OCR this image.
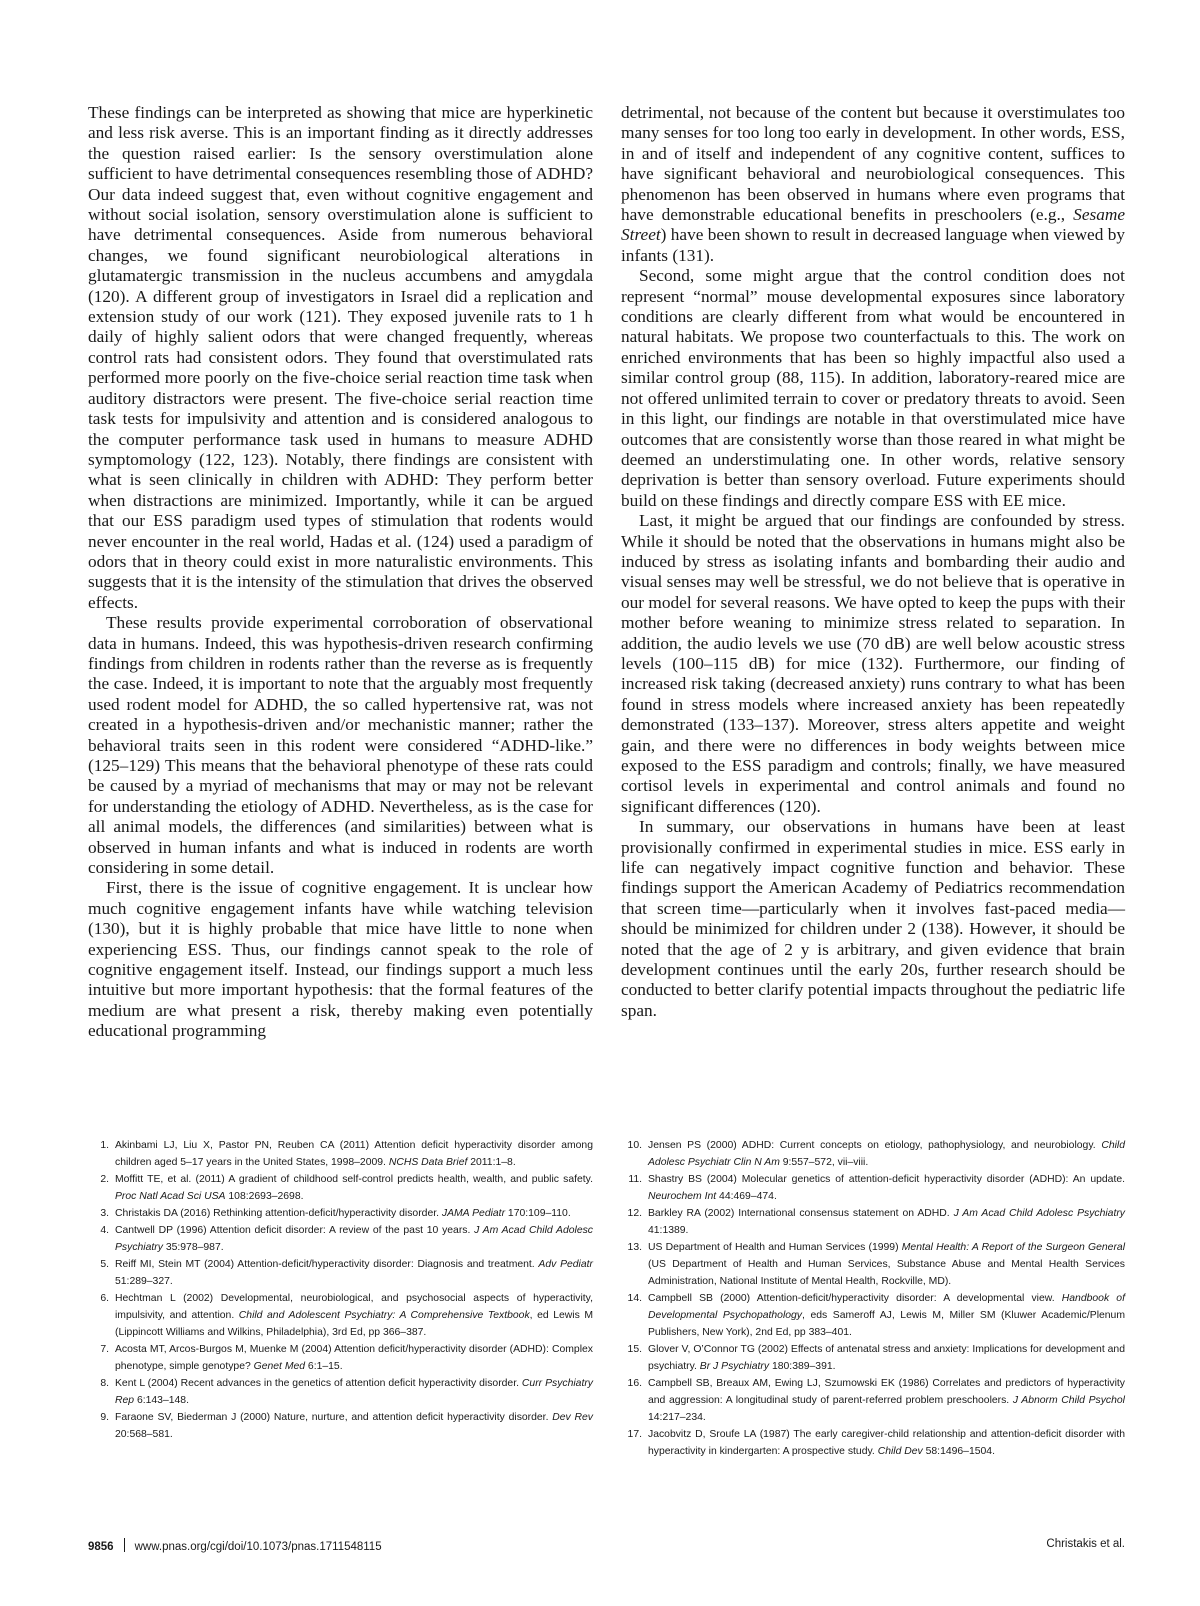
These findings can be interpreted as showing that mice are hyperkinetic and less risk averse. This is an important finding as it directly addresses the question raised earlier: Is the sensory overstimulation alone sufficient to have detrimental consequences resembling those of ADHD? Our data indeed suggest that, even without cognitive engagement and without social isolation, sensory overstimulation alone is sufficient to have detrimental consequences. Aside from numerous behavioral changes, we found significant neurobiological alterations in glutamatergic transmission in the nucleus accumbens and amygdala (120). A different group of investigators in Israel did a replication and extension study of our work (121). They exposed juvenile rats to 1 h daily of highly salient odors that were changed frequently, whereas control rats had consistent odors. They found that overstimulated rats performed more poorly on the five-choice serial reaction time task when auditory distractors were present. The five-choice serial reaction time task tests for impulsivity and attention and is considered analogous to the computer performance task used in humans to measure ADHD symptomology (122, 123). Notably, there findings are consistent with what is seen clinically in children with ADHD: They perform better when distractions are minimized. Importantly, while it can be argued that our ESS paradigm used types of stimulation that rodents would never encounter in the real world, Hadas et al. (124) used a paradigm of odors that in theory could exist in more naturalistic environments. This suggests that it is the intensity of the stimulation that drives the observed effects.

These results provide experimental corroboration of observational data in humans. Indeed, this was hypothesis-driven research confirming findings from children in rodents rather than the reverse as is frequently the case. Indeed, it is important to note that the arguably most frequently used rodent model for ADHD, the so called hypertensive rat, was not created in a hypothesis-driven and/or mechanistic manner; rather the behavioral traits seen in this rodent were considered “ADHD-like.” (125–129) This means that the behavioral phenotype of these rats could be caused by a myriad of mechanisms that may or may not be relevant for understanding the etiology of ADHD. Nevertheless, as is the case for all animal models, the differences (and similarities) between what is observed in human infants and what is induced in rodents are worth considering in some detail.

First, there is the issue of cognitive engagement. It is unclear how much cognitive engagement infants have while watching television (130), but it is highly probable that mice have little to none when experiencing ESS. Thus, our findings cannot speak to the role of cognitive engagement itself. Instead, our findings support a much less intuitive but more important hypothesis: that the formal features of the medium are what present a risk, thereby making even potentially educational programming

detrimental, not because of the content but because it overstimulates too many senses for too long too early in development. In other words, ESS, in and of itself and independent of any cognitive content, suffices to have significant behavioral and neurobiological consequences. This phenomenon has been observed in humans where even programs that have demonstrable educational benefits in preschoolers (e.g., Sesame Street) have been shown to result in decreased language when viewed by infants (131).

Second, some might argue that the control condition does not represent “normal” mouse developmental exposures since laboratory conditions are clearly different from what would be encountered in natural habitats. We propose two counterfactuals to this. The work on enriched environments that has been so highly impactful also used a similar control group (88, 115). In addition, laboratory-reared mice are not offered unlimited terrain to cover or predatory threats to avoid. Seen in this light, our findings are notable in that overstimulated mice have outcomes that are consistently worse than those reared in what might be deemed an understimulating one. In other words, relative sensory deprivation is better than sensory overload. Future experiments should build on these findings and directly compare ESS with EE mice.

Last, it might be argued that our findings are confounded by stress. While it should be noted that the observations in humans might also be induced by stress as isolating infants and bombarding their audio and visual senses may well be stressful, we do not believe that is operative in our model for several reasons. We have opted to keep the pups with their mother before weaning to minimize stress related to separation. In addition, the audio levels we use (70 dB) are well below acoustic stress levels (100–115 dB) for mice (132). Furthermore, our finding of increased risk taking (decreased anxiety) runs contrary to what has been found in stress models where increased anxiety has been repeatedly demonstrated (133–137). Moreover, stress alters appetite and weight gain, and there were no differences in body weights between mice exposed to the ESS paradigm and controls; finally, we have measured cortisol levels in experimental and control animals and found no significant differences (120).

In summary, our observations in humans have been at least provisionally confirmed in experimental studies in mice. ESS early in life can negatively impact cognitive function and behavior. These findings support the American Academy of Pediatrics recommendation that screen time—particularly when it involves fast-paced media—should be minimized for children under 2 (138). However, it should be noted that the age of 2 y is arbitrary, and given evidence that brain development continues until the early 20s, further research should be conducted to better clarify potential impacts throughout the pediatric life span.

1. Akinbami LJ, Liu X, Pastor PN, Reuben CA (2011) Attention deficit hyperactivity disorder among children aged 5–17 years in the United States, 1998–2009. NCHS Data Brief 2011:1–8.
2. Moffitt TE, et al. (2011) A gradient of childhood self-control predicts health, wealth, and public safety. Proc Natl Acad Sci USA 108:2693–2698.
3. Christakis DA (2016) Rethinking attention-deficit/hyperactivity disorder. JAMA Pediatr 170:109–110.
4. Cantwell DP (1996) Attention deficit disorder: A review of the past 10 years. J Am Acad Child Adolesc Psychiatry 35:978–987.
5. Reiff MI, Stein MT (2004) Attention-deficit/hyperactivity disorder: Diagnosis and treatment. Adv Pediatr 51:289–327.
6. Hechtman L (2002) Developmental, neurobiological, and psychosocial aspects of hyperactivity, impulsivity, and attention. Child and Adolescent Psychiatry: A Comprehensive Textbook, ed Lewis M (Lippincott Williams and Wilkins, Philadelphia), 3rd Ed, pp 366–387.
7. Acosta MT, Arcos-Burgos M, Muenke M (2004) Attention deficit/hyperactivity disorder (ADHD): Complex phenotype, simple genotype? Genet Med 6:1–15.
8. Kent L (2004) Recent advances in the genetics of attention deficit hyperactivity disorder. Curr Psychiatry Rep 6:143–148.
9. Faraone SV, Biederman J (2000) Nature, nurture, and attention deficit hyperactivity disorder. Dev Rev 20:568–581.
10. Jensen PS (2000) ADHD: Current concepts on etiology, pathophysiology, and neurobiology. Child Adolesc Psychiatr Clin N Am 9:557–572, vii–viii.
11. Shastry BS (2004) Molecular genetics of attention-deficit hyperactivity disorder (ADHD): An update. Neurochem Int 44:469–474.
12. Barkley RA (2002) International consensus statement on ADHD. J Am Acad Child Adolesc Psychiatry 41:1389.
13. US Department of Health and Human Services (1999) Mental Health: A Report of the Surgeon General (US Department of Health and Human Services, Substance Abuse and Mental Health Services Administration, National Institute of Mental Health, Rockville, MD).
14. Campbell SB (2000) Attention-deficit/hyperactivity disorder: A developmental view. Handbook of Developmental Psychopathology, eds Sameroff AJ, Lewis M, Miller SM (Kluwer Academic/Plenum Publishers, New York), 2nd Ed, pp 383–401.
15. Glover V, O’Connor TG (2002) Effects of antenatal stress and anxiety: Implications for development and psychiatry. Br J Psychiatry 180:389–391.
16. Campbell SB, Breaux AM, Ewing LJ, Szumowski EK (1986) Correlates and predictors of hyperactivity and aggression: A longitudinal study of parent-referred problem preschoolers. J Abnorm Child Psychol 14:217–234.
17. Jacobvitz D, Sroufe LA (1987) The early caregiver-child relationship and attention-deficit disorder with hyperactivity in kindergarten: A prospective study. Child Dev 58:1496–1504.
9856 www.pnas.org/cgi/doi/10.1073/pnas.1711548115	Christakis et al.
